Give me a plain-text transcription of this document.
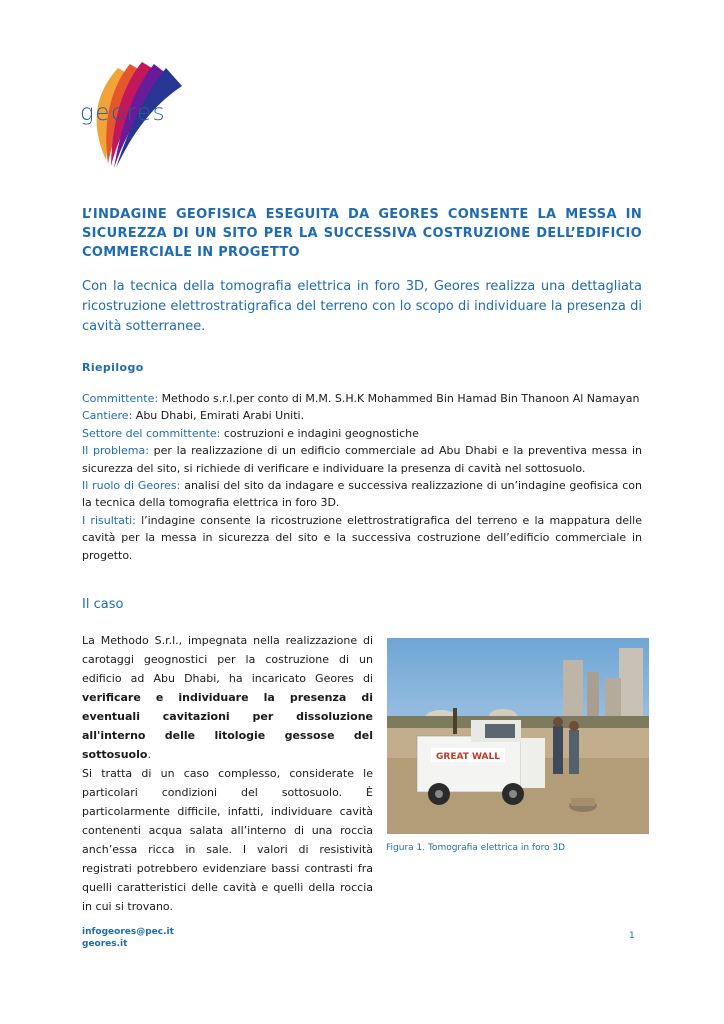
geores
L’INDAGINE GEOFISICA ESEGUITA DA GEORES CONSENTE LA MESSA IN SICUREZZA DI UN SITO PER LA SUCCESSIVA COSTRUZIONE DELL’EDIFICIO COMMERCIALE IN PROGETTO
Con la tecnica della tomografia elettrica in foro 3D, Geores realizza una dettagliata ricostruzione elettrostratigrafica del terreno con lo scopo di individuare la presenza di cavità sotterranee.
Riepilogo

Committente: Methodo s.r.l.per conto di M.M. S.H.K Mohammed Bin Hamad Bin Thanoon Al Namayan

Cantiere: Abu Dhabi, Emirati Arabi Uniti.

Settore del committente: costruzioni e indagini geognostiche

Il problema: per la realizzazione di un edificio commerciale ad Abu Dhabi e la preventiva messa in sicurezza del sito, si richiede di verificare e individuare la presenza di cavità nel sottosuolo.

Il ruolo di Geores: analisi del sito da indagare e successiva realizzazione di un’indagine geofisica con la tecnica della tomografia elettrica in foro 3D.

I risultati: l’indagine consente la ricostruzione elettrostratigrafica del terreno e la mappatura delle cavità per la messa in sicurezza del sito e la successiva costruzione dell’edificio commerciale in progetto.

Il caso

La Methodo S.r.l., impegnata nella realizzazione di carotaggi geognostici per la costruzione di un edificio ad Abu Dhabi, ha incaricato Geores di verificare e individuare la presenza di eventuali cavitazioni per dissoluzione all'interno delle litologie gessose del sottosuolo.

Si tratta di un caso complesso, considerate le particolari condizioni del sottosuolo. È particolarmente difficile, infatti, individuare cavità contenenti acqua salata all’interno di una roccia anch’essa ricca in sale. I valori di resistività registrati potrebbero evidenziare bassi contrasti fra quelli caratteristici delle cavità e quelli della roccia in cui si trovano.

GREAT WALL
Figura 1. Tomografia elettrica in foro 3D
infogeores@pec.it
geores.it
1
